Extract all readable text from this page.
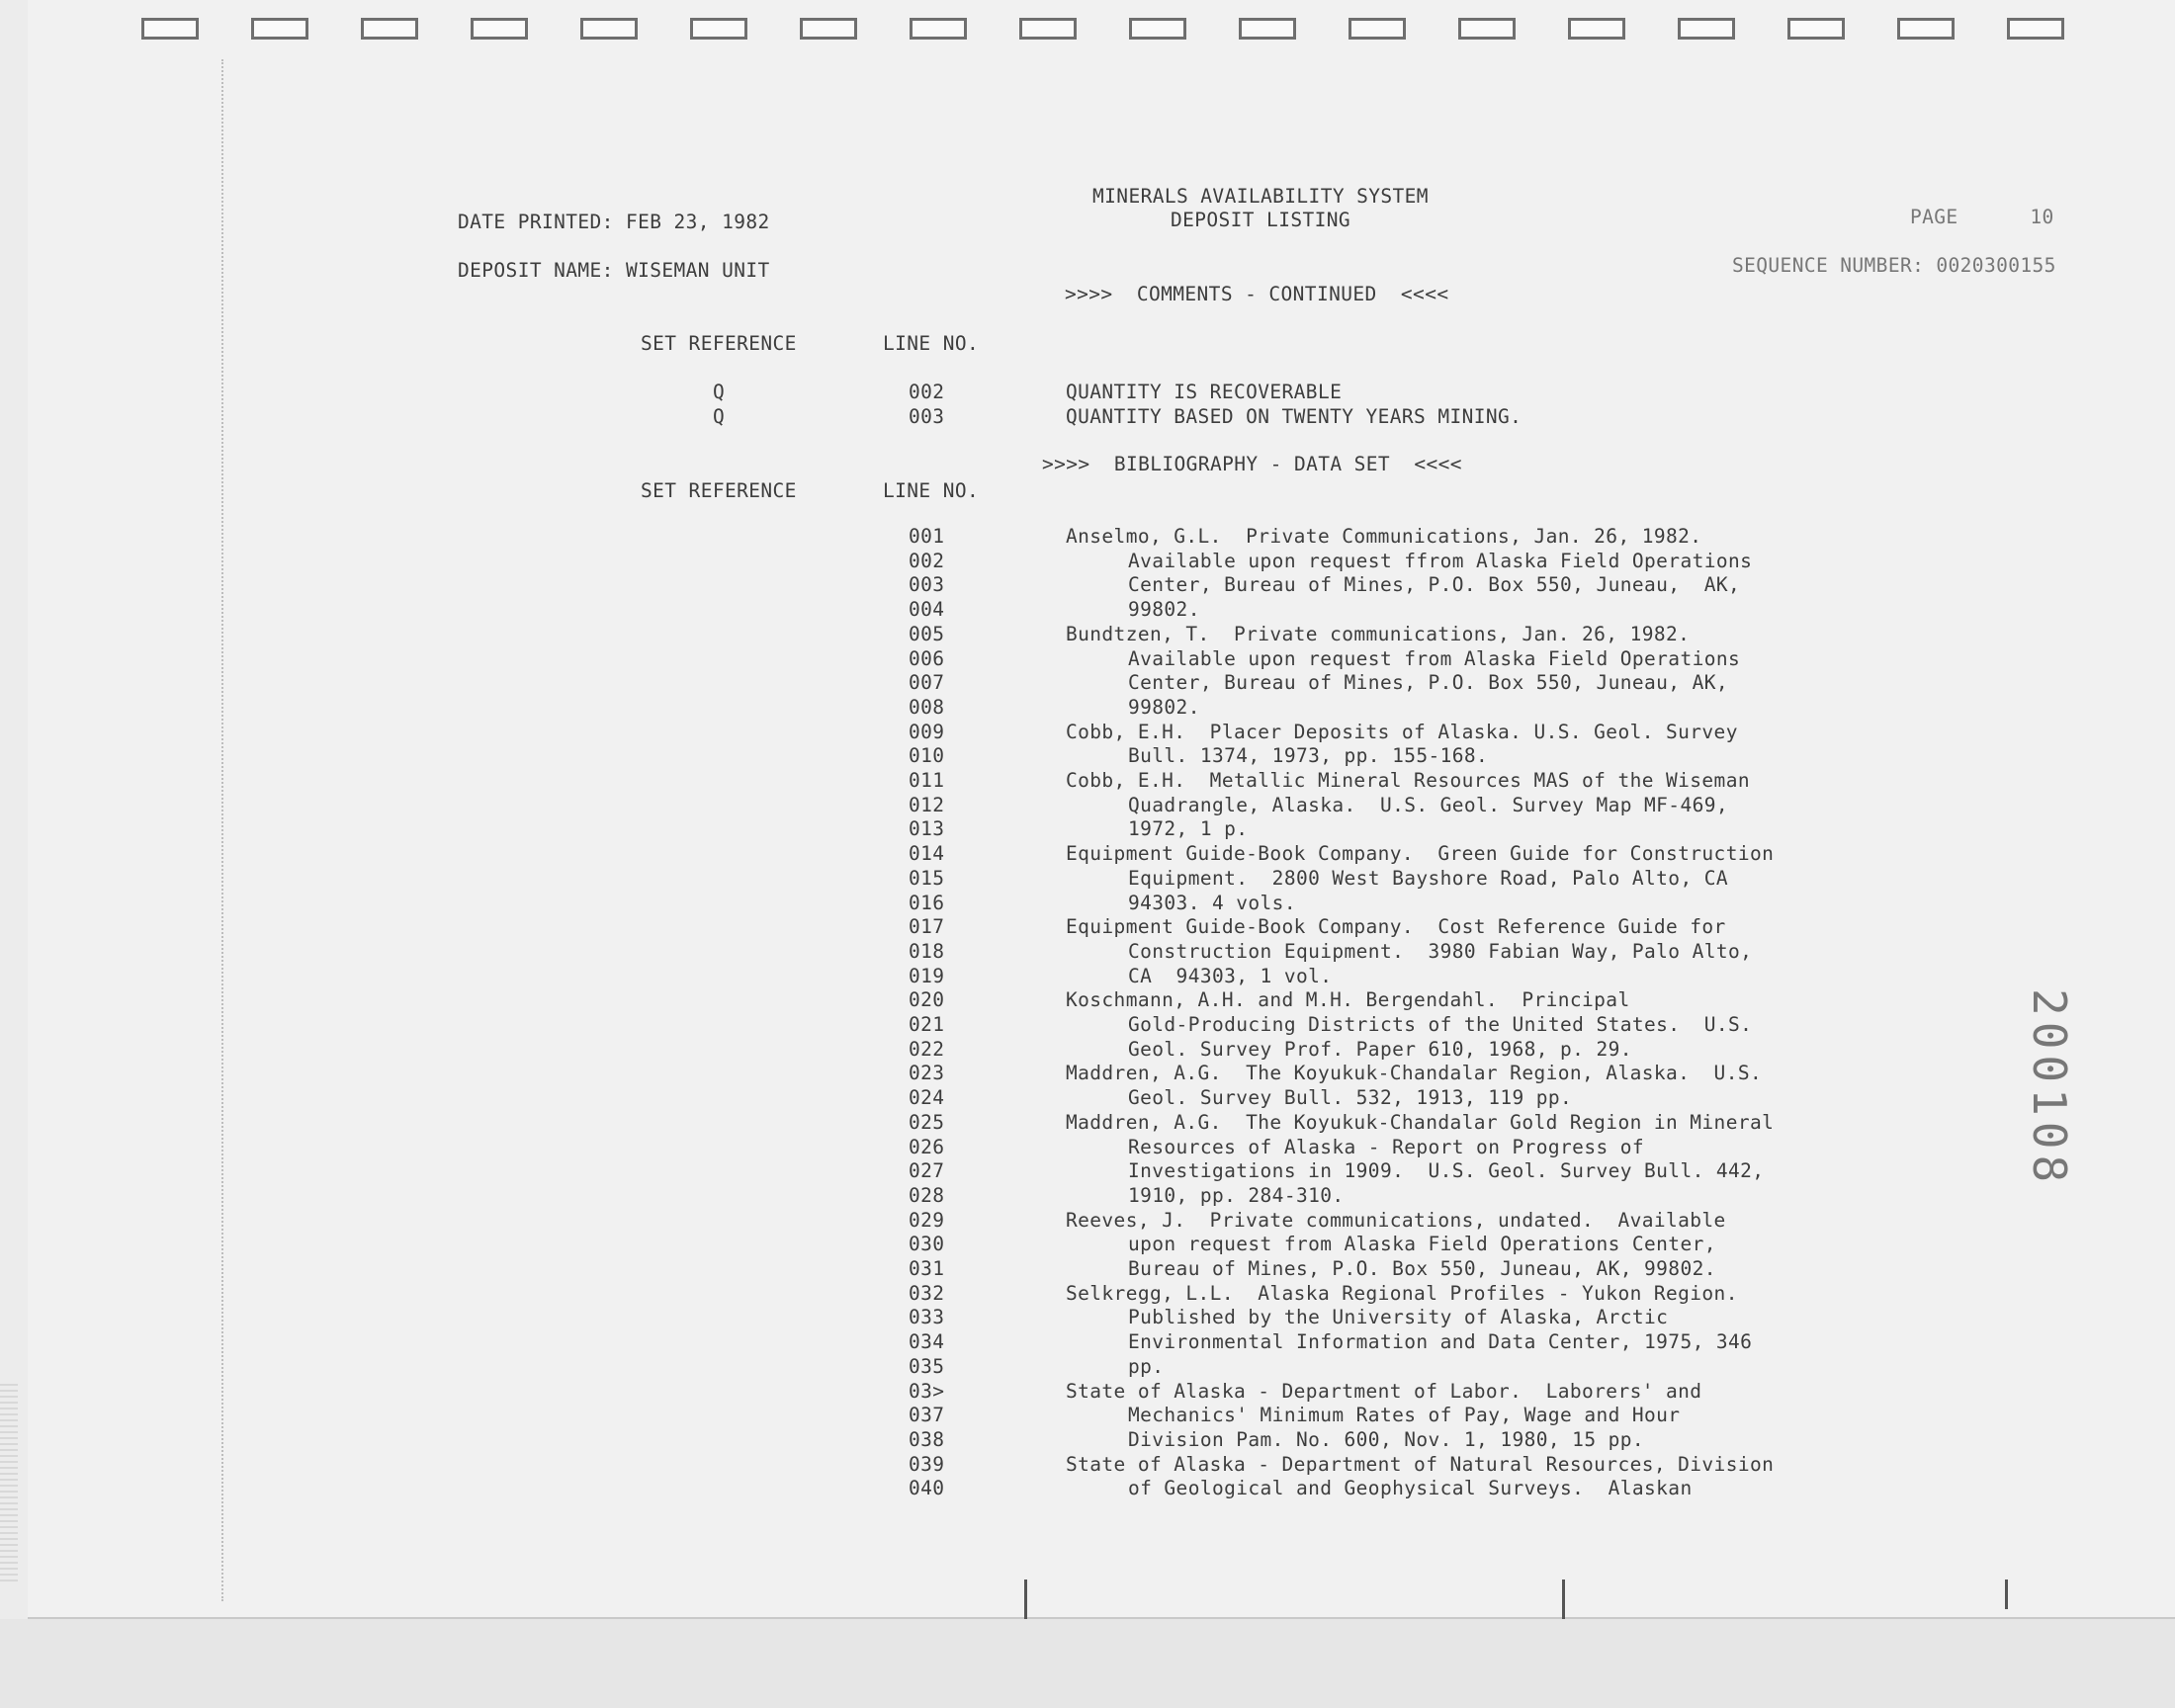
MINERALS AVAILABILITY SYSTEM
DEPOSIT LISTING
DATE PRINTED: FEB 23, 1982	PAGE      10
DEPOSIT NAME: WISEMAN UNIT	SEQUENCE NUMBER: 0020300155
>>>>  COMMENTS - CONTINUED  <<<<
SET REFERENCE	LINE NO.
Q	002	QUANTITY IS RECOVERABLE
Q	003	QUANTITY BASED ON TWENTY YEARS MINING.
>>>>  BIBLIOGRAPHY - DATA SET  <<<<
SET REFERENCE	LINE NO.
001	Anselmo, G.L.  Private Communications, Jan. 26, 1982.
002	Available upon request ffrom Alaska Field Operations
003	Center, Bureau of Mines, P.O. Box 550, Juneau,  AK,
004	99802.
005	Bundtzen, T.  Private communications, Jan. 26, 1982.
006	Available upon request from Alaska Field Operations
007	Center, Bureau of Mines, P.O. Box 550, Juneau, AK,
008	99802.
009	Cobb, E.H.  Placer Deposits of Alaska. U.S. Geol. Survey
010	Bull. 1374, 1973, pp. 155-168.
011	Cobb, E.H.  Metallic Mineral Resources MAS of the Wiseman
012	Quadrangle, Alaska.  U.S. Geol. Survey Map MF-469,
013	1972, 1 p.
014	Equipment Guide-Book Company.  Green Guide for Construction
015	Equipment.  2800 West Bayshore Road, Palo Alto, CA
016	94303. 4 vols.
017	Equipment Guide-Book Company.  Cost Reference Guide for
018	Construction Equipment.  3980 Fabian Way, Palo Alto,
019	CA  94303, 1 vol.
020	Koschmann, A.H. and M.H. Bergendahl.  Principal
021	Gold-Producing Districts of the United States.  U.S.
022	Geol. Survey Prof. Paper 610, 1968, p. 29.
023	Maddren, A.G.  The Koyukuk-Chandalar Region, Alaska.  U.S.
024	Geol. Survey Bull. 532, 1913, 119 pp.
025	Maddren, A.G.  The Koyukuk-Chandalar Gold Region in Mineral
026	Resources of Alaska - Report on Progress of
027	Investigations in 1909.  U.S. Geol. Survey Bull. 442,
028	1910, pp. 284-310.
029	Reeves, J.  Private communications, undated.  Available
030	upon request from Alaska Field Operations Center,
031	Bureau of Mines, P.O. Box 550, Juneau, AK, 99802.
032	Selkregg, L.L.  Alaska Regional Profiles - Yukon Region.
033	Published by the University of Alaska, Arctic
034	Environmental Information and Data Center, 1975, 346
035	pp.
03>	State of Alaska - Department of Labor.  Laborers' and
037	Mechanics' Minimum Rates of Pay, Wage and Hour
038	Division Pam. No. 600, Nov. 1, 1980, 15 pp.
039	State of Alaska - Department of Natural Resources, Division
040	of Geological and Geophysical Surveys.  Alaskan
200108
